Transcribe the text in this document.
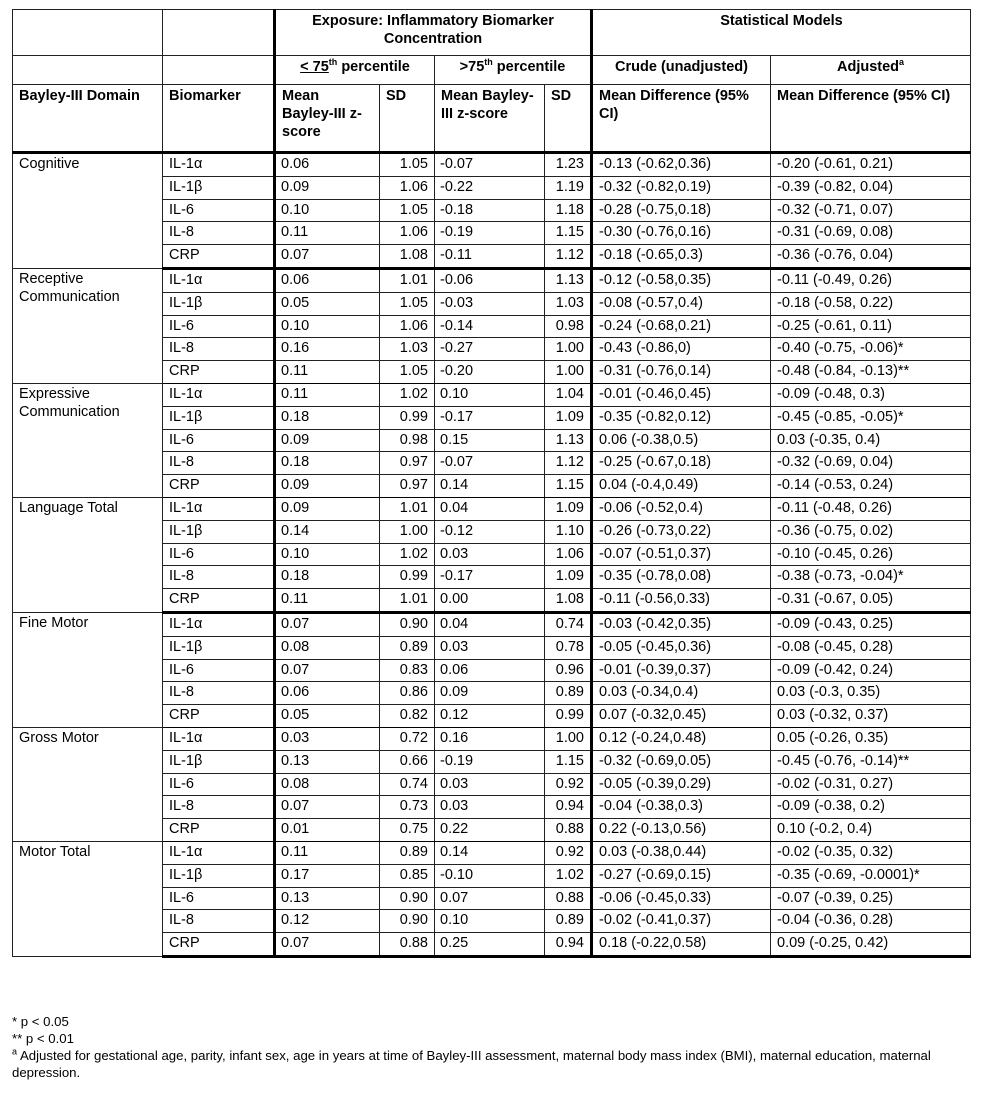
		Exposure: Inflammatory Biomarker Concentration				Statistical Models	
		< 75th percentile		>75th percentile		Crude (unadjusted)	Adjusted$^a$
Bayley-III Domain	Biomarker	Mean Bayley-III z-score	SD	Mean Bayley-III z-score	SD	Mean Difference (95% CI)	Mean Difference (95% CI)
Cognitive	IL-1α	0.06	1.05	-0.07	1.23	-0.13 (-0.62,0.36)	-0.20 (-0.61, 0.21)
	IL-1β	0.09	1.06	-0.22	1.19	-0.32 (-0.82,0.19)	-0.39 (-0.82, 0.04)
	IL-6	0.10	1.05	-0.18	1.18	-0.28 (-0.75,0.18)	-0.32 (-0.71, 0.07)
	IL-8	0.11	1.06	-0.19	1.15	-0.30 (-0.76,0.16)	-0.31 (-0.69, 0.08)
	CRP	0.07	1.08	-0.11	1.12	-0.18 (-0.65,0.3)	-0.36 (-0.76, 0.04)
Receptive Communication	IL-1α	0.06	1.01	-0.06	1.13	-0.12 (-0.58,0.35)	-0.11 (-0.49, 0.26)
	IL-1β	0.05	1.05	-0.03	1.03	-0.08 (-0.57,0.4)	-0.18 (-0.58, 0.22)
	IL-6	0.10	1.06	-0.14	0.98	-0.24 (-0.68,0.21)	-0.25 (-0.61, 0.11)
	IL-8	0.16	1.03	-0.27	1.00	-0.43 (-0.86,0)	-0.40 (-0.75, -0.06)*
	CRP	0.11	1.05	-0.20	1.00	-0.31 (-0.76,0.14)	-0.48 (-0.84, -0.13)**
Expressive Communication	IL-1α	0.11	1.02	0.10	1.04	-0.01 (-0.46,0.45)	-0.09 (-0.48, 0.3)
	IL-1β	0.18	0.99	-0.17	1.09	-0.35 (-0.82,0.12)	-0.45 (-0.85, -0.05)*
	IL-6	0.09	0.98	0.15	1.13	0.06 (-0.38,0.5)	0.03 (-0.35, 0.4)
	IL-8	0.18	0.97	-0.07	1.12	-0.25 (-0.67,0.18)	-0.32 (-0.69, 0.04)
	CRP	0.09	0.97	0.14	1.15	0.04 (-0.4,0.49)	-0.14 (-0.53, 0.24)
Language Total	IL-1α	0.09	1.01	0.04	1.09	-0.06 (-0.52,0.4)	-0.11 (-0.48, 0.26)
	IL-1β	0.14	1.00	-0.12	1.10	-0.26 (-0.73,0.22)	-0.36 (-0.75, 0.02)
	IL-6	0.10	1.02	0.03	1.06	-0.07 (-0.51,0.37)	-0.10 (-0.45, 0.26)
	IL-8	0.18	0.99	-0.17	1.09	-0.35 (-0.78,0.08)	-0.38 (-0.73, -0.04)*
	CRP	0.11	1.01	0.00	1.08	-0.11 (-0.56,0.33)	-0.31 (-0.67, 0.05)
Fine Motor	IL-1α	0.07	0.90	0.04	0.74	-0.03 (-0.42,0.35)	-0.09 (-0.43, 0.25)
	IL-1β	0.08	0.89	0.03	0.78	-0.05 (-0.45,0.36)	-0.08 (-0.45, 0.28)
	IL-6	0.07	0.83	0.06	0.96	-0.01 (-0.39,0.37)	-0.09 (-0.42, 0.24)
	IL-8	0.06	0.86	0.09	0.89	0.03 (-0.34,0.4)	0.03 (-0.3, 0.35)
	CRP	0.05	0.82	0.12	0.99	0.07 (-0.32,0.45)	0.03 (-0.32, 0.37)
Gross Motor	IL-1α	0.03	0.72	0.16	1.00	0.12 (-0.24,0.48)	0.05 (-0.26, 0.35)
	IL-1β	0.13	0.66	-0.19	1.15	-0.32 (-0.69,0.05)	-0.45 (-0.76, -0.14)**
	IL-6	0.08	0.74	0.03	0.92	-0.05 (-0.39,0.29)	-0.02 (-0.31, 0.27)
	IL-8	0.07	0.73	0.03	0.94	-0.04 (-0.38,0.3)	-0.09 (-0.38, 0.2)
	CRP	0.01	0.75	0.22	0.88	0.22 (-0.13,0.56)	0.10 (-0.2, 0.4)
Motor Total	IL-1α	0.11	0.89	0.14	0.92	0.03 (-0.38,0.44)	-0.02 (-0.35, 0.32)
	IL-1β	0.17	0.85	-0.10	1.02	-0.27 (-0.69,0.15)	-0.35 (-0.69, -0.0001)*
	IL-6	0.13	0.90	0.07	0.88	-0.06 (-0.45,0.33)	-0.07 (-0.39, 0.25)
	IL-8	0.12	0.90	0.10	0.89	-0.02 (-0.41,0.37)	-0.04 (-0.36, 0.28)
	CRP	0.07	0.88	0.25	0.94	0.18 (-0.22,0.58)	0.09 (-0.25, 0.42)
* p < 0.05
** p < 0.01
$^a$ Adjusted for gestational age, parity, infant sex, age in years at time of Bayley-III assessment, maternal body mass index (BMI), maternal education, maternal depression.
